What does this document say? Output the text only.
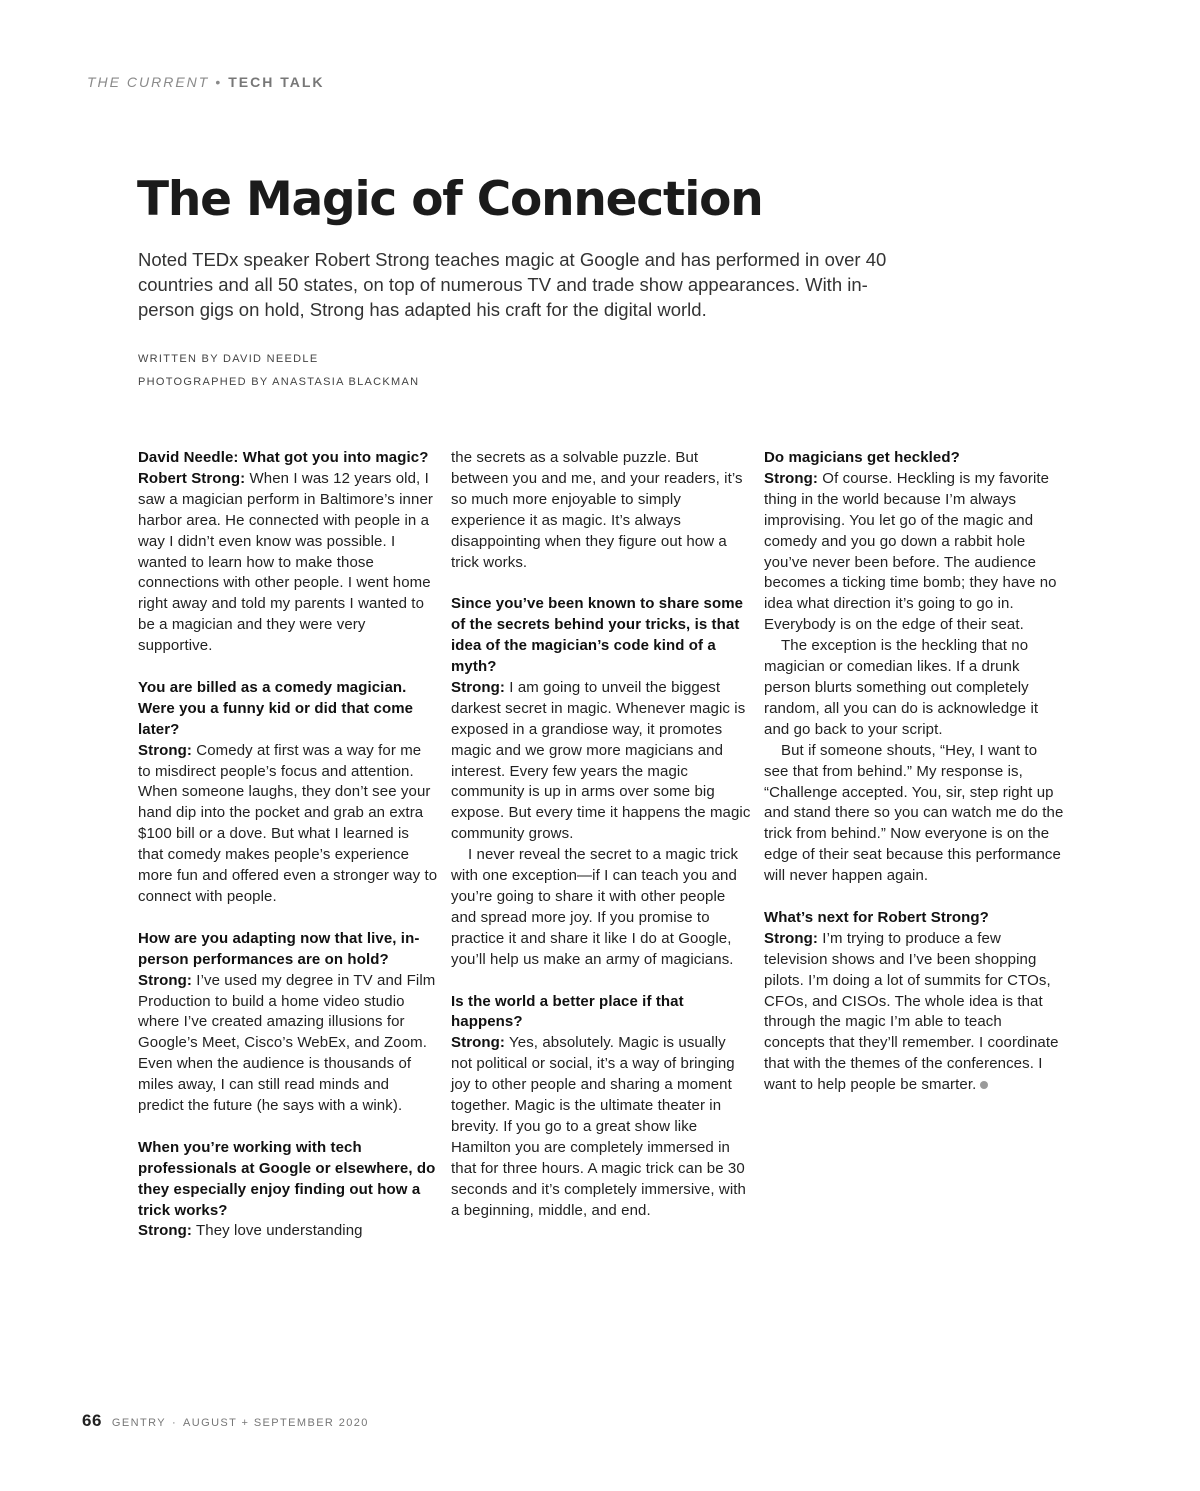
THE CURRENT • TECH TALK
The Magic of Connection

Noted TEDx speaker Robert Strong teaches magic at Google and has performed in over 40 countries and all 50 states, on top of numerous TV and trade show appearances. With in-person gigs on hold, Strong has adapted his craft for the digital world.

WRITTEN BY DAVID NEEDLE
PHOTOGRAPHED BY ANASTASIA BLACKMAN

David Needle: What got you into magic?

Robert Strong: When I was 12 years old, I saw a magician perform in Baltimore’s inner harbor area. He connected with people in a way I didn’t even know was possible. I wanted to learn how to make those connections with other people. I went home right away and told my parents I wanted to be a magician and they were very supportive.

You are billed as a comedy magician. Were you a funny kid or did that come later?

Strong: Comedy at first was a way for me to misdirect people’s focus and attention. When someone laughs, they don’t see your hand dip into the pocket and grab an extra $100 bill or a dove. But what I learned is that comedy makes people’s experience more fun and offered even a stronger way to connect with people.

How are you adapting now that live, in-person performances are on hold?

Strong: I’ve used my degree in TV and Film Production to build a home video studio where I’ve created amazing illusions for Google’s Meet, Cisco’s WebEx, and Zoom. Even when the audience is thousands of miles away, I can still read minds and predict the future (he says with a wink).

When you’re working with tech professionals at Google or elsewhere, do they especially enjoy finding out how a trick works?

Strong: They love understanding

the secrets as a solvable puzzle. But between you and me, and your readers, it’s so much more enjoyable to simply experience it as magic. It’s always disappointing when they figure out how a trick works.

Since you’ve been known to share some of the secrets behind your tricks, is that idea of the magician’s code kind of a myth?

Strong: I am going to unveil the biggest darkest secret in magic. Whenever magic is exposed in a grandiose way, it promotes magic and we grow more magicians and interest. Every few years the magic community is up in arms over some big expose. But every time it happens the magic community grows.

I never reveal the secret to a magic trick with one exception—if I can teach you and you’re going to share it with other people and spread more joy. If you promise to practice it and share it like I do at Google, you’ll help us make an army of magicians.

Is the world a better place if that happens?

Strong: Yes, absolutely. Magic is usually not political or social, it’s a way of bringing joy to other people and sharing a moment together. Magic is the ultimate theater in brevity. If you go to a great show like Hamilton you are completely immersed in that for three hours. A magic trick can be 30 seconds and it’s completely immersive, with a beginning, middle, and end.

Do magicians get heckled?

Strong: Of course. Heckling is my favorite thing in the world because I’m always improvising. You let go of the magic and comedy and you go down a rabbit hole you’ve never been before. The audience becomes a ticking time bomb; they have no idea what direction it’s going to go in. Everybody is on the edge of their seat.

The exception is the heckling that no magician or comedian likes. If a drunk person blurts something out completely random, all you can do is acknowledge it and go back to your script.

But if someone shouts, “Hey, I want to see that from behind.” My response is, “Challenge accepted. You, sir, step right up and stand there so you can watch me do the trick from behind.” Now everyone is on the edge of their seat because this performance will never happen again.

What’s next for Robert Strong?

Strong: I’m trying to produce a few television shows and I’ve been shopping pilots. I’m doing a lot of summits for CTOs, CFOs, and CISOs. The whole idea is that through the magic I’m able to teach concepts that they’ll remember. I coordinate that with the themes of the conferences. I want to help people be smarter.

66 GENTRY · AUGUST + SEPTEMBER 2020
